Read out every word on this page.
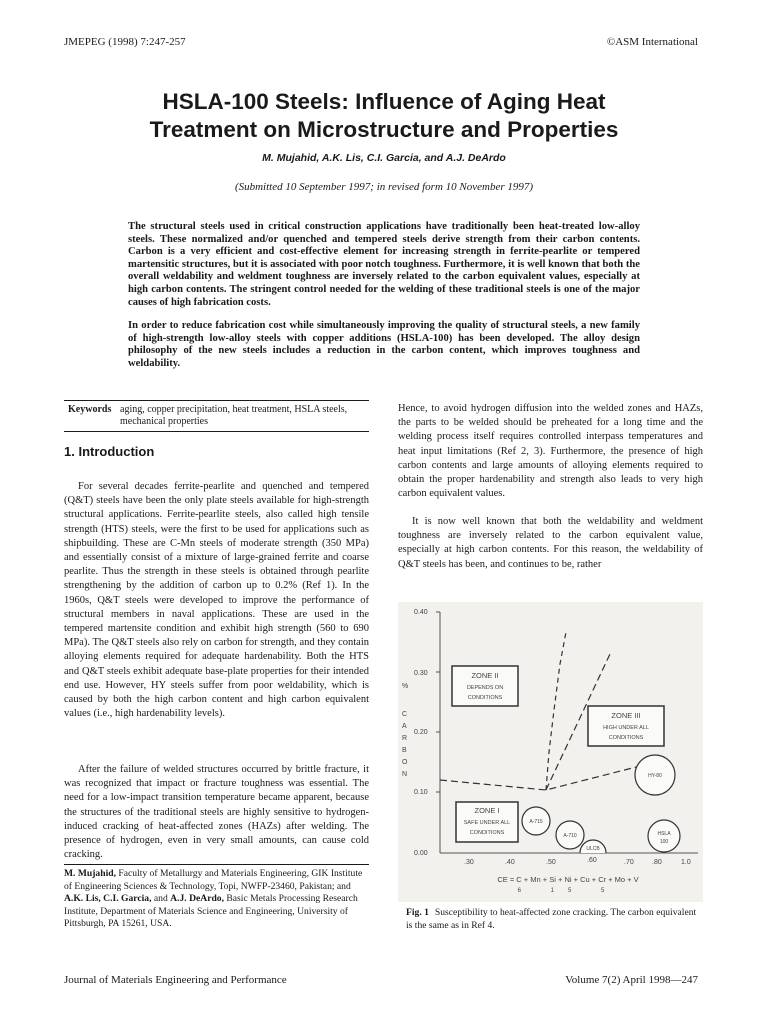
JMEPEG (1998) 7:247-257	©ASM International
HSLA-100 Steels: Influence of Aging Heat
Treatment on Microstructure and Properties
M. Mujahid, A.K. Lis, C.I. Garcia, and A.J. DeArdo
(Submitted 10 September 1997; in revised form 10 November 1997)

The structural steels used in critical construction applications have traditionally been heat-treated low-alloy steels. These normalized and/or quenched and tempered steels derive strength from their carbon contents. Carbon is a very efficient and cost-effective element for increasing strength in ferrite-pearlite or tempered martensitic structures, but it is associated with poor notch toughness. Furthermore, it is well known that both the overall weldability and weldment toughness are inversely related to the carbon equivalent values, especially at high carbon contents. The stringent control needed for the welding of these traditional steels is one of the major causes of high fabrication costs.

In order to reduce fabrication cost while simultaneously improving the quality of structural steels, a new family of high-strength low-alloy steels with copper additions (HSLA-100) has been developed. The alloy design philosophy of the new steels includes a reduction in the carbon content, which improves toughness and weldability.

Keywords aging, copper precipitation, heat treatment, HSLA steels, mechanical properties
1. Introduction

For several decades ferrite-pearlite and quenched and tempered (Q&T) steels have been the only plate steels available for high-strength structural applications. Ferrite-pearlite steels, also called high tensile strength (HTS) steels, were the first to be used for applications such as shipbuilding. These are C-Mn steels of moderate strength (350 MPa) and essentially consist of a mixture of large-grained ferrite and coarse pearlite. Thus the strength in these steels is obtained through pearlite strengthening by the addition of carbon up to 0.2% (Ref 1). In the 1960s, Q&T steels were developed to improve the performance of structural members in naval applications. These are used in the tempered martensite condition and exhibit high strength (560 to 690 MPa). The Q&T steels also rely on carbon for strength, and they contain alloying elements required for adequate hardenability. Both the HTS and Q&T steels exhibit adequate base-plate properties for their intended end use. However, HY steels suffer from poor weldability, which is caused by both the high carbon content and high carbon equivalent values (i.e., high hardenability levels).

After the failure of welded structures occurred by brittle fracture, it was recognized that impact or fracture toughness was essential. The need for a low-impact transition temperature became apparent, because the structures of the traditional steels are highly sensitive to hydrogen-induced cracking of heat-affected zones (HAZs) after welding. The presence of hydrogen, even in very small amounts, can cause cold cracking.

M. Mujahid, Faculty of Metallurgy and Materials Engineering, GIK Institute of Engineering Sciences & Technology, Topi, NWFP-23460, Pakistan; and A.K. Lis, C.I. Garcia, and A.J. DeArdo, Basic Metals Processing Research Institute, Department of Materials Science and Engineering, University of Pittsburgh, PA 15261, USA.

Hence, to avoid hydrogen diffusion into the welded zones and HAZs, the parts to be welded should be preheated for a long time and the welding process itself requires controlled interpass temperatures and heat input limitations (Ref 2, 3). Furthermore, the presence of high carbon contents and large amounts of alloying elements required to obtain the proper hardenability and strength also leads to very high carbon equivalent values.

It is now well known that both the weldability and weldment toughness are inversely related to the carbon equivalent value, especially at high carbon contents. For this reason, the weldability of Q&T steels has been, and continues to be, rather

0.40
0.30
0.20
0.10
0.00
%
C
A
R
B
O
N
.30	.40	.50	.60	.70	.80	1.0
ZONE II
DEPENDS ON
CONDITIONS
ZONE III
HIGH UNDER ALL
CONDITIONS
ZONE I
SAFE UNDER ALL
CONDITIONS
HY-80
A-715
A-710
ULCB
HSLA
100
CE = C + Mn + Si + Ni + Cu + Cr + Mo + V
6 15 5

Fig. 1 Susceptibility to heat-affected zone cracking. The carbon equivalent is the same as in Ref 4.

Journal of Materials Engineering and Performance	Volume 7(2) April 1998—247
